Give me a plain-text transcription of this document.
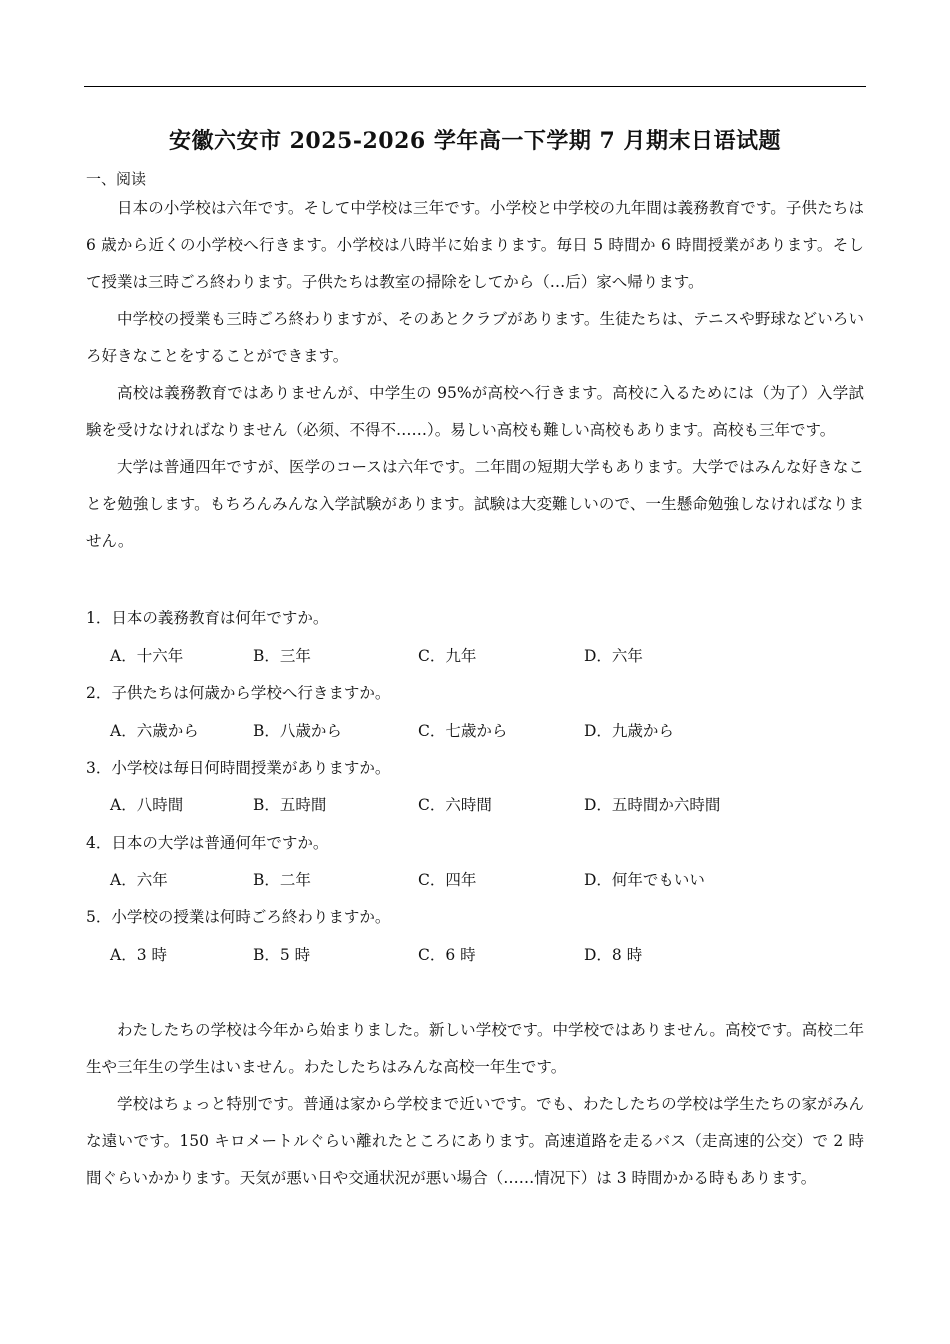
安徽六安市 2025-2026 学年高一下学期 7 月期末日语试题
一、阅读

日本の小学校は六年です。そして中学校は三年です。小学校と中学校の九年間は義務教育です。子供たちは 6 歳から近くの小学校へ行きます。小学校は八時半に始まります。毎日 5 時間か 6 時間授業があります。そして授業は三時ごろ終わります。子供たちは教室の掃除をしてから（…后）家へ帰ります。

中学校の授業も三時ごろ終わりますが、そのあとクラブがあります。生徒たちは、テニスや野球などいろいろ好きなことをすることができます。

高校は義務教育ではありませんが、中学生の 95%が高校へ行きます。高校に入るためには（为了）入学試験を受けなければなりません（必须、不得不……）。易しい高校も難しい高校もあります。高校も三年です。

大学は普通四年ですが、医学のコースは六年です。二年間の短期大学もあります。大学ではみんな好きなことを勉強します。もちろんみんな入学試験があります。試験は大変難しいので、一生懸命勉強しなければなりません。

1．日本の義務教育は何年ですか。
A．十六年	B．三年	C．九年	D．六年
2．子供たちは何歳から学校へ行きますか。
A．六歳から	B．八歳から	C．七歳から	D．九歳から
3．小学校は毎日何時間授業がありますか。
A．八時間	B．五時間	C．六時間	D．五時間か六時間
4．日本の大学は普通何年ですか。
A．六年	B．二年	C．四年	D．何年でもいい
5．小学校の授業は何時ごろ終わりますか。
A．3 時	B．5 時	C．6 時	D．8 時

わたしたちの学校は今年から始まりました。新しい学校です。中学校ではありません。高校です。高校二年生や三年生の学生はいません。わたしたちはみんな高校一年生です。

学校はちょっと特別です。普通は家から学校まで近いです。でも、わたしたちの学校は学生たちの家がみんな遠いです。150 キロメートルぐらい離れたところにあります。高速道路を走るバス（走高速的公交）で 2 時間ぐらいかかります。天気が悪い日や交通状況が悪い場合（……情况下）は 3 時間かかる時もあります。
